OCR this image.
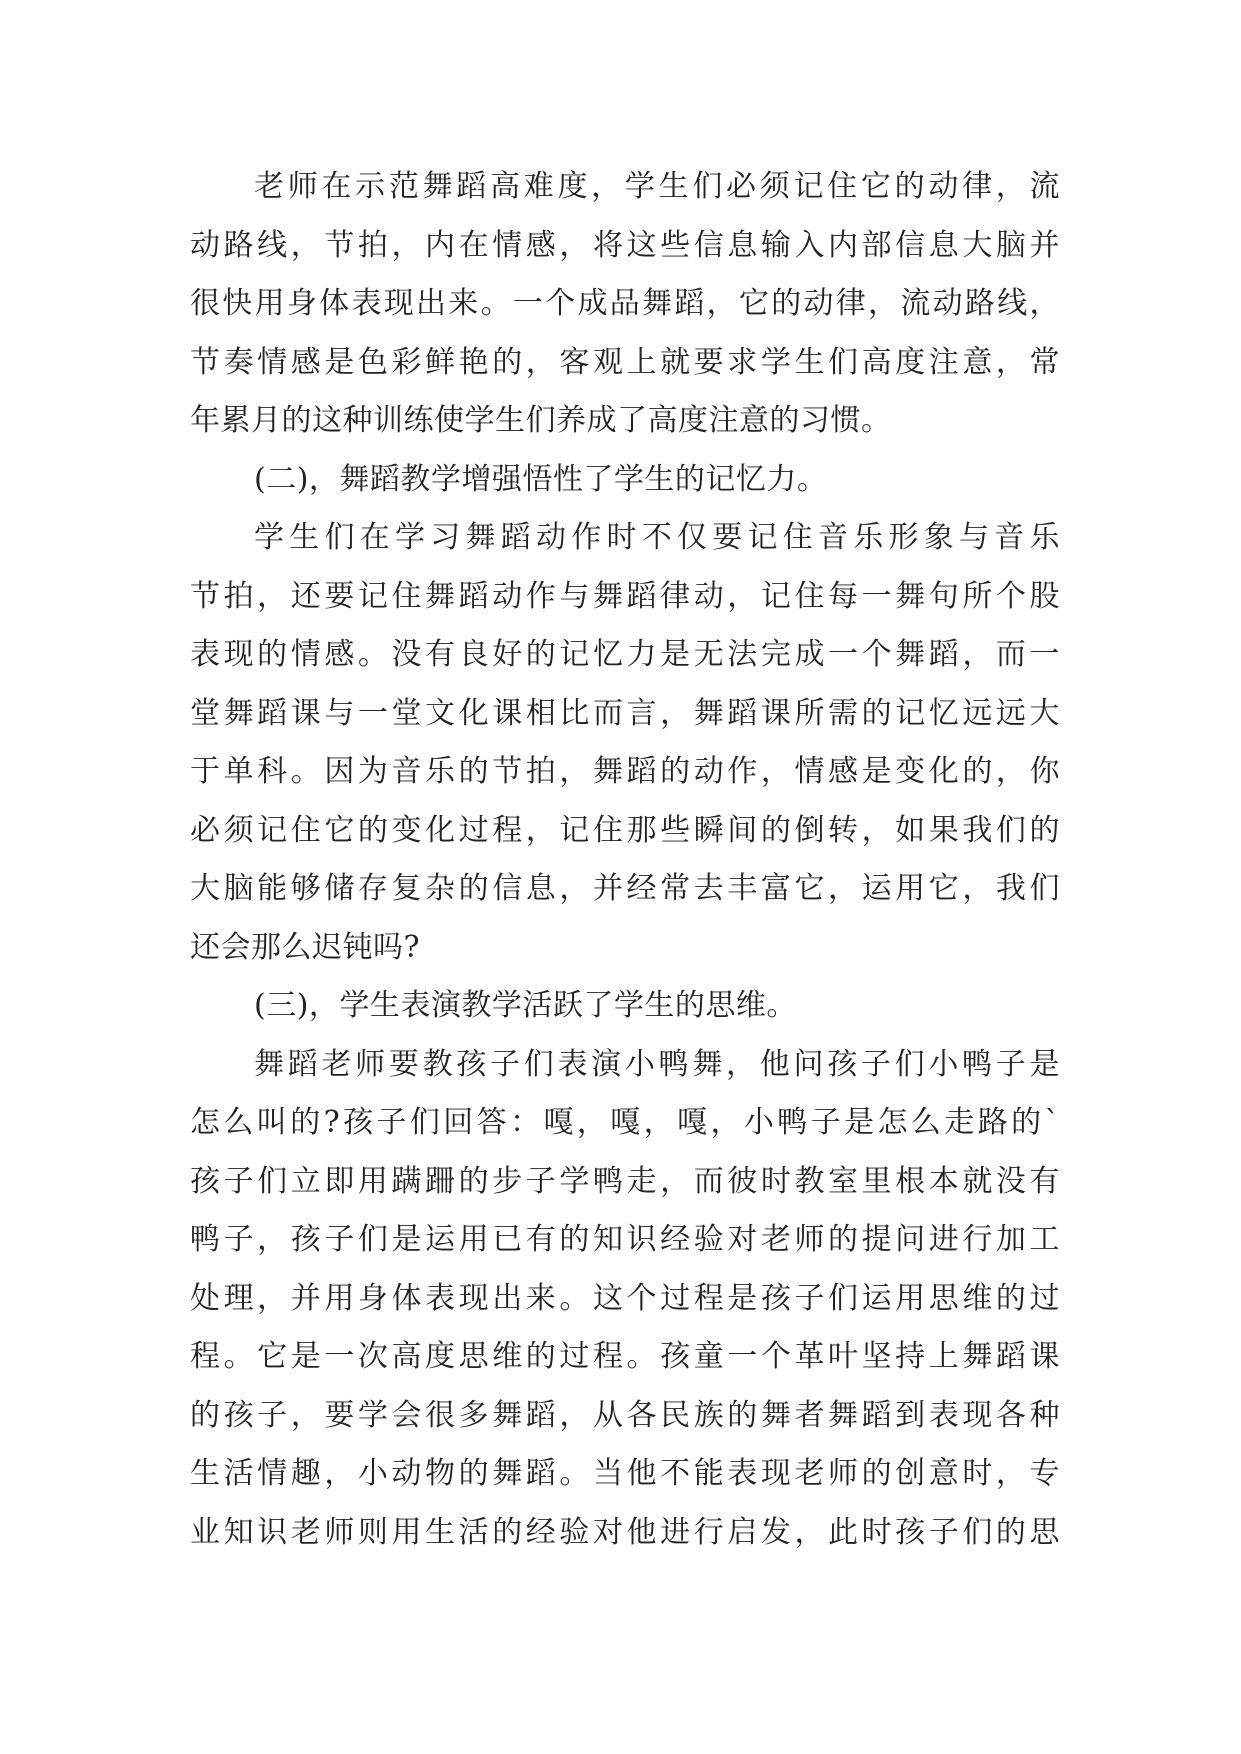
老师在示范舞蹈高难度，学生们必须记住它的动律，流
动路线，节拍，内在情感，将这些信息输入内部信息大脑并
很快用身体表现出来。一个成品舞蹈，它的动律，流动路线，
节奏情感是色彩鲜艳的，客观上就要求学生们高度注意，常
年累月的这种训练使学生们养成了高度注意的习惯。
(二)，舞蹈教学增强悟性了学生的记忆力。
学生们在学习舞蹈动作时不仅要记住音乐形象与音乐
节拍，还要记住舞蹈动作与舞蹈律动，记住每一舞句所个股
表现的情感。没有良好的记忆力是无法完成一个舞蹈，而一
堂舞蹈课与一堂文化课相比而言，舞蹈课所需的记忆远远大
于单科。因为音乐的节拍，舞蹈的动作，情感是变化的，你
必须记住它的变化过程，记住那些瞬间的倒转，如果我们的
大脑能够储存复杂的信息，并经常去丰富它，运用它，我们
还会那么迟钝吗?
(三)，学生表演教学活跃了学生的思维。
舞蹈老师要教孩子们表演小鸭舞，他问孩子们小鸭子是
怎么叫的?孩子们回答：嘎，嘎，嘎，小鸭子是怎么走路的`
孩子们立即用蹒跚的步子学鸭走，而彼时教室里根本就没有
鸭子，孩子们是运用已有的知识经验对老师的提问进行加工
处理，并用身体表现出来。这个过程是孩子们运用思维的过
程。它是一次高度思维的过程。孩童一个革叶坚持上舞蹈课
的孩子，要学会很多舞蹈，从各民族的舞者舞蹈到表现各种
生活情趣，小动物的舞蹈。当他不能表现老师的创意时，专
业知识老师则用生活的经验对他进行启发，此时孩子们的思
